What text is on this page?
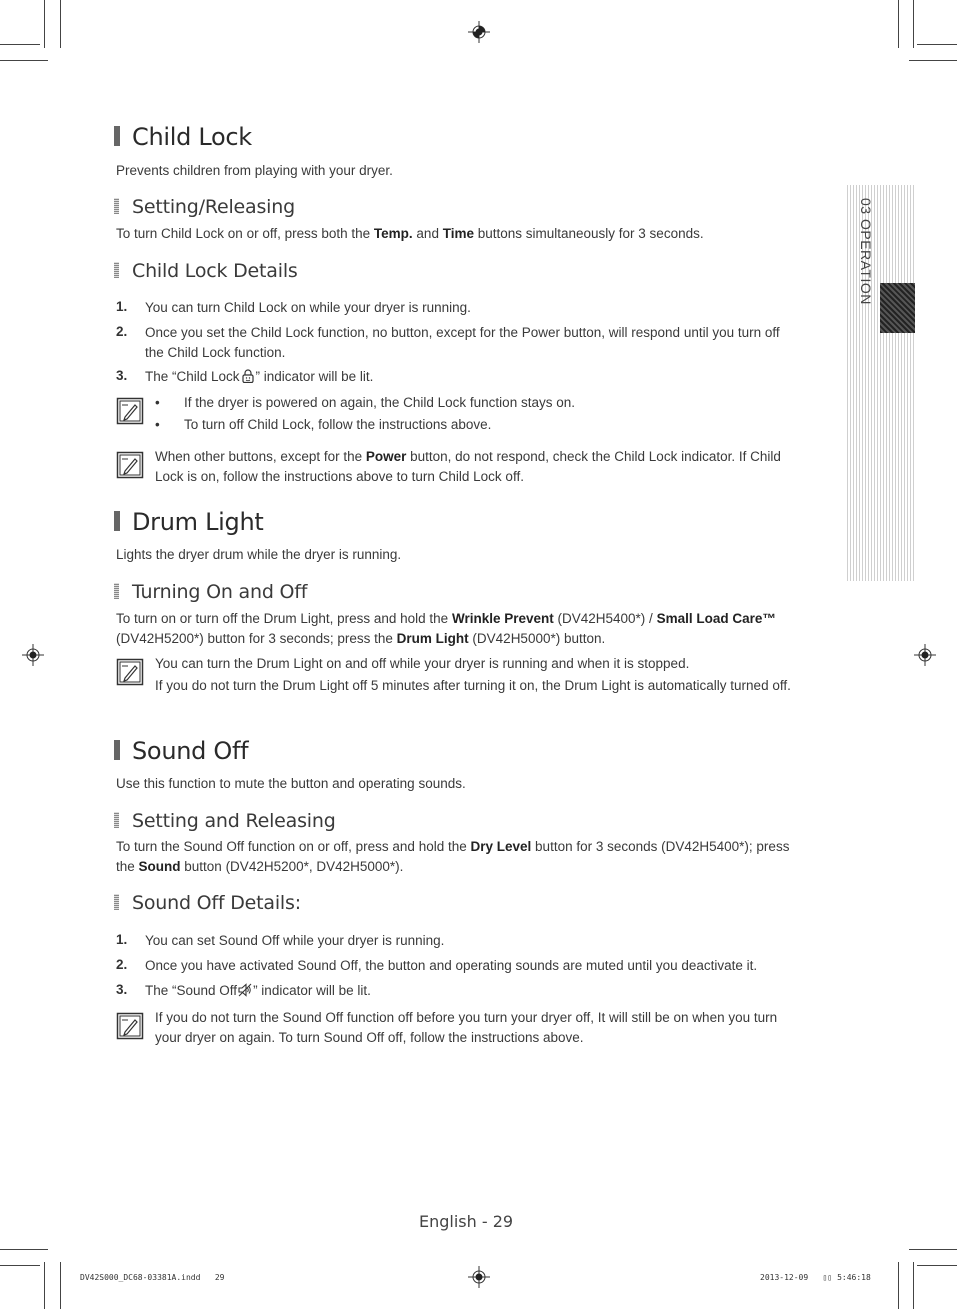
03 OPERATION
Child Lock
Prevents children from playing with your dryer.
Setting/Releasing
To turn Child Lock on or off, press both the Temp. and Time buttons simultaneously for 3 seconds.
Child Lock Details
1. You can turn Child Lock on while your dryer is running.
2. Once you set the Child Lock function, no button, except for the Power button, will respond until you turn off the Child Lock function.
3. The “Child Lock ” indicator will be lit.
• If the dryer is powered on again, the Child Lock function stays on.
• To turn off Child Lock, follow the instructions above.
When other buttons, except for the Power button, do not respond, check the Child Lock indicator. If Child Lock is on, follow the instructions above to turn Child Lock off.
Drum Light
Lights the dryer drum while the dryer is running.
Turning On and Off
To turn on or turn off the Drum Light, press and hold the Wrinkle Prevent (DV42H5400*) / Small Load Care™ (DV42H5200*) button for 3 seconds; press the Drum Light (DV42H5000*) button.
You can turn the Drum Light on and off while your dryer is running and when it is stopped.
If you do not turn the Drum Light off 5 minutes after turning it on, the Drum Light is automatically turned off.
Sound Off
Use this function to mute the button and operating sounds.
Setting and Releasing
To turn the Sound Off function on or off, press and hold the Dry Level button for 3 seconds (DV42H5400*); press the Sound button (DV42H5200*, DV42H5000*).
Sound Off Details:
1. You can set Sound Off while your dryer is running.
2. Once you have activated Sound Off, the button and operating sounds are muted until you deactivate it.
3. The “Sound Off ” indicator will be lit.
If you do not turn the Sound Off function off before you turn your dryer off, It will still be on when you turn your dryer on again. To turn Sound Off off, follow the instructions above.
English - 29
DV42S000_DC68-03381A.indd   29	2013-12-09   ▯▯ 5:46:18
